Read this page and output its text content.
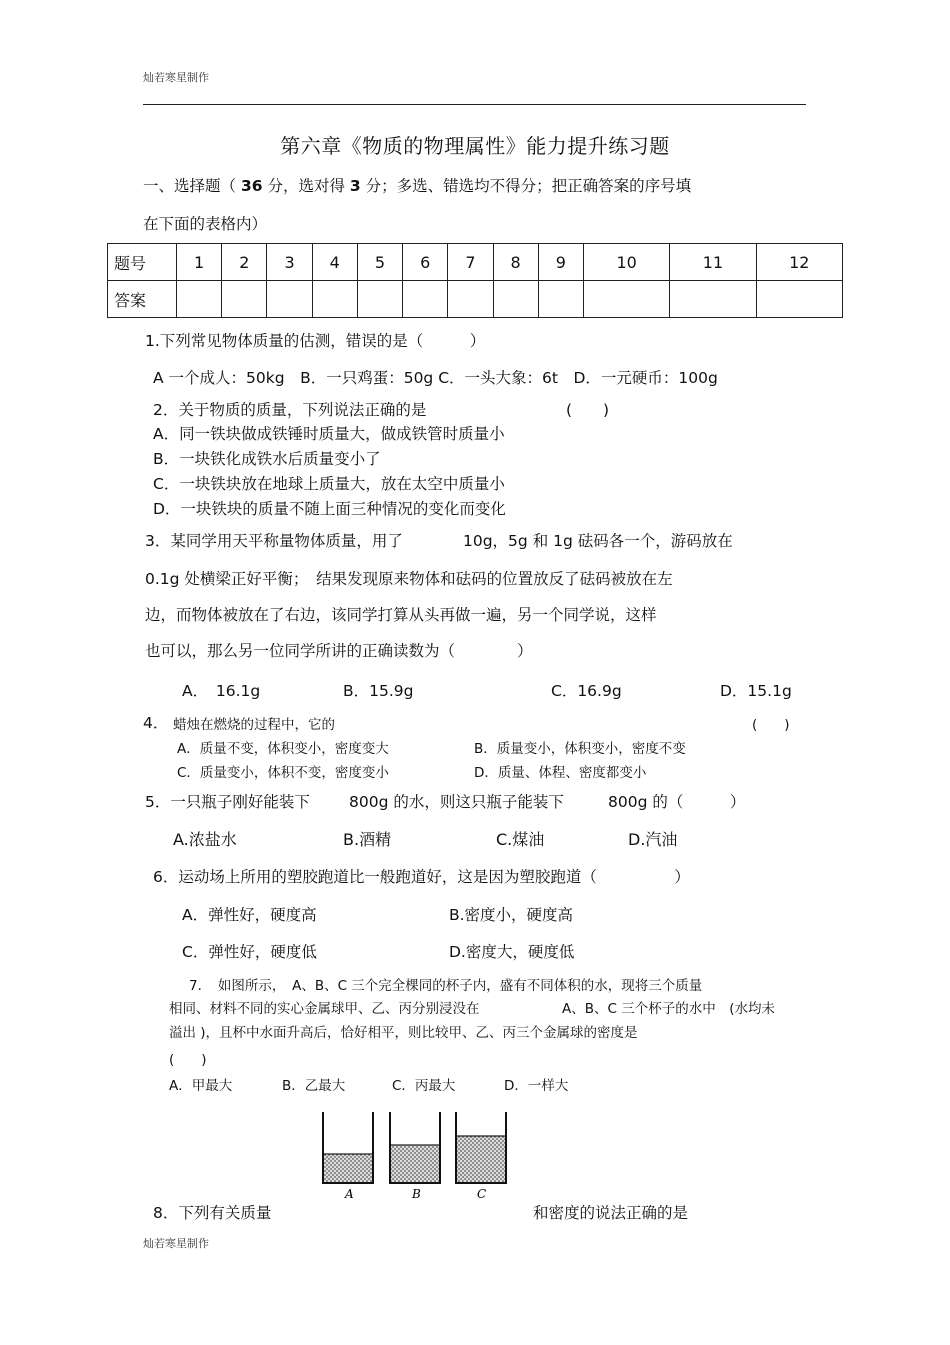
灿若寒星制作
第六章《物质的物理属性》能力提升练习题
一、选择题（ 36 分，选对得 3 分；多选、错选均不得分；把正确答案的序号填
在下面的表格内）
题号	1	2	3	4	5	6	7	8	9	10	11	12
答案												
1.下列常见物体质量的估测，错误的是（　　　）
A 一个成人：50kg　B．一只鸡蛋：50g C．一头大象：6t　D．一元硬币：100g
2．关于物质的质量，下列说法正确的是	(　　)
A．同一铁块做成铁锤时质量大，做成铁管时质量小
B．一块铁化成铁水后质量变小了
C．一块铁块放在地球上质量大，放在太空中质量小
D．一块铁块的质量不随上面三种情况的变化而变化
3．某同学用天平称量物体质量，用了	10g，5g 和 1g 砝码各一个，游码放在
0.1g 处横梁正好平衡；　结果发现原来物体和砝码的位置放反了砝码被放在左
边，而物体被放在了右边，该同学打算从头再做一遍，另一个同学说，这样
也可以，那么另一位同学所讲的正确读数为（　　　　）
A．　16.1g	B．15.9g	C．16.9g	D．15.1g
4． 蜡烛在燃烧的过程中，它的	(　　)
A．质量不变，体积变小，密度变大	B．质量变小，体积变小，密度不变
C．质量变小，体积不变，密度变小	D．质量、体程、密度都变小
5．一只瓶子刚好能装下	800g 的水，则这只瓶子能装下	800g 的（　　　）
A.浓盐水	B.酒精	C.煤油	D.汽油
6．运动场上所用的塑胶跑道比一般跑道好，这是因为塑胶跑道（　　　　　）
A．弹性好，硬度高	B.密度小，硬度高
C．弹性好，硬度低	D.密度大，硬度低
7．　如图所示，　A、B、C 三个完全棵同的杯子内，盛有不同体积的水，现将三个质量
相同、材料不同的实心金属球甲、乙、丙分别浸没在	A、B、C 三个杯子的水中　(水均未
溢出 )，且杯中水面升高后，恰好相平，则比较甲、乙、丙三个金属球的密度是
(　　)
A．甲最大	B．乙最大	C．丙最大	D．一样大
A	B	C
8．下列有关质量	和密度的说法正确的是
灿若寒星制作
